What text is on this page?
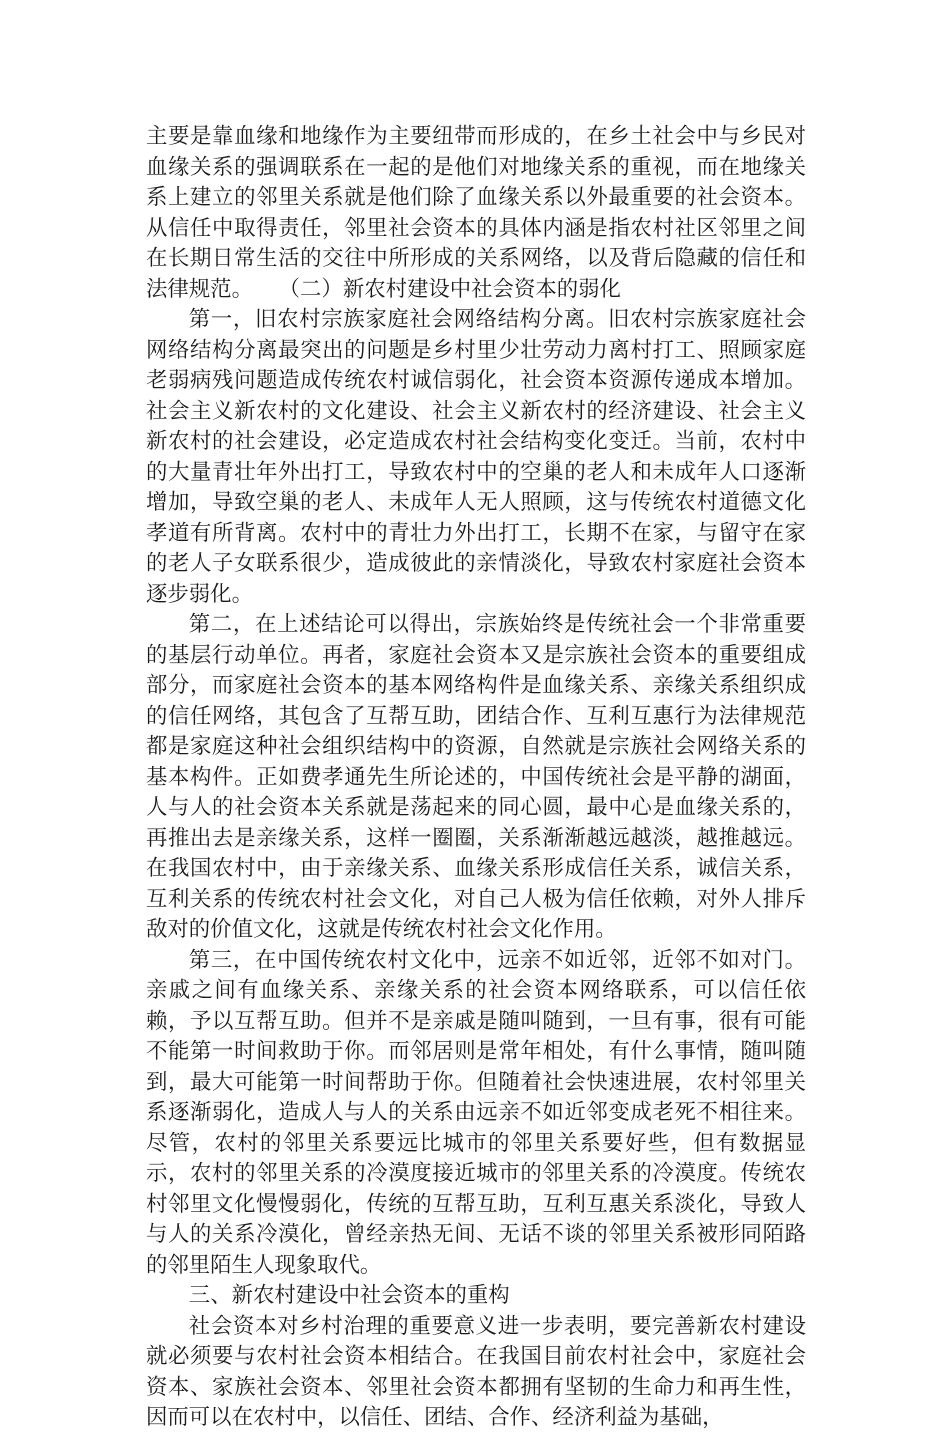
主要是靠血缘和地缘作为主要纽带而形成的，在乡土社会中与乡民对血缘关系的强调联系在一起的是他们对地缘关系的重视，而在地缘关系上建立的邻里关系就是他们除了血缘关系以外最重要的社会资本。从信任中取得责任，邻里社会资本的具体内涵是指农村社区邻里之间在长期日常生活的交往中所形成的关系网络，以及背后隐藏的信任和法律规范。 （二）新农村建设中社会资本的弱化

第一，旧农村宗族家庭社会网络结构分离。旧农村宗族家庭社会网络结构分离最突出的问题是乡村里少壮劳动力离村打工、照顾家庭老弱病残问题造成传统农村诚信弱化，社会资本资源传递成本增加。社会主义新农村的文化建设、社会主义新农村的经济建设、社会主义新农村的社会建设，必定造成农村社会结构变化变迁。当前，农村中的大量青壮年外出打工，导致农村中的空巢的老人和未成年人口逐渐增加，导致空巢的老人、未成年人无人照顾，这与传统农村道德文化孝道有所背离。农村中的青壮力外出打工，长期不在家，与留守在家的老人子女联系很少，造成彼此的亲情淡化，导致农村家庭社会资本逐步弱化。

第二，在上述结论可以得出，宗族始终是传统社会一个非常重要的基层行动单位。再者，家庭社会资本又是宗族社会资本的重要组成部分，而家庭社会资本的基本网络构件是血缘关系、亲缘关系组织成的信任网络，其包含了互帮互助，团结合作、互利互惠行为法律规范都是家庭这种社会组织结构中的资源，自然就是宗族社会网络关系的基本构件。正如费孝通先生所论述的，中国传统社会是平静的湖面，人与人的社会资本关系就是荡起来的同心圆，最中心是血缘关系的，再推出去是亲缘关系，这样一圈圈，关系渐渐越远越淡，越推越远。在我国农村中，由于亲缘关系、血缘关系形成信任关系，诚信关系，互利关系的传统农村社会文化，对自己人极为信任依赖，对外人排斥敌对的价值文化，这就是传统农村社会文化作用。

第三，在中国传统农村文化中，远亲不如近邻，近邻不如对门。亲戚之间有血缘关系、亲缘关系的社会资本网络联系，可以信任依赖，予以互帮互助。但并不是亲戚是随叫随到，一旦有事，很有可能不能第一时间救助于你。而邻居则是常年相处，有什么事情，随叫随到，最大可能第一时间帮助于你。但随着社会快速进展，农村邻里关系逐渐弱化，造成人与人的关系由远亲不如近邻变成老死不相往来。尽管，农村的邻里关系要远比城市的邻里关系要好些，但有数据显示，农村的邻里关系的冷漠度接近城市的邻里关系的冷漠度。传统农村邻里文化慢慢弱化，传统的互帮互助，互利互惠关系淡化，导致人与人的关系冷漠化，曾经亲热无间、无话不谈的邻里关系被形同陌路的邻里陌生人现象取代。

三、新农村建设中社会资本的重构

社会资本对乡村治理的重要意义进一步表明，要完善新农村建设就必须要与农村社会资本相结合。在我国目前农村社会中，家庭社会资本、家族社会资本、邻里社会资本都拥有坚韧的生命力和再生性，因而可以在农村中，以信任、团结、合作、经济利益为基础，
